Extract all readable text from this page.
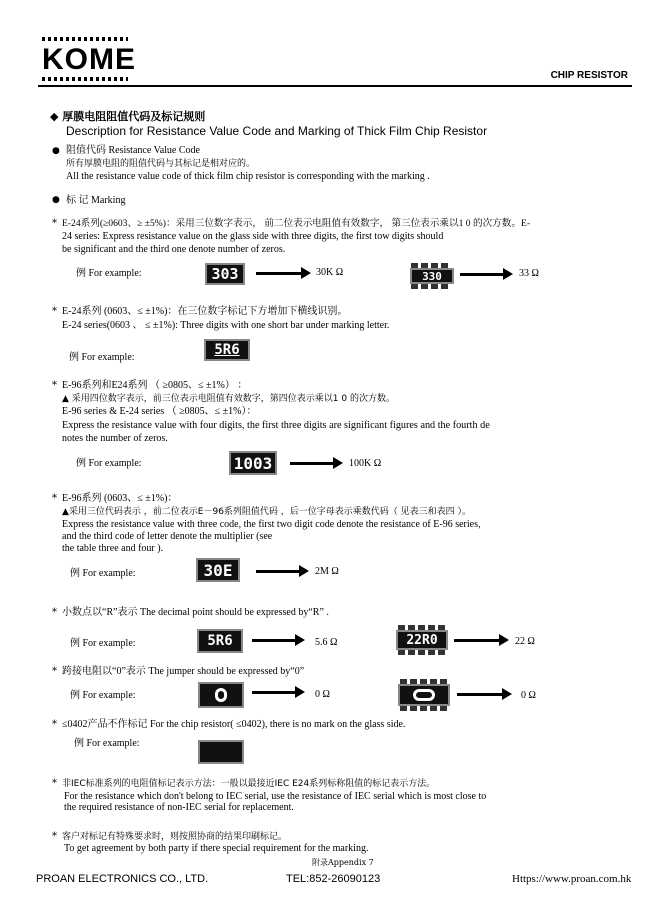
KOME	CHIP RESISTOR
◆ 厚膜电阻阻值代码及标记规则
Description for Resistance Value Code and Marking of Thick Film Chip Resistor
● 阻值代码 Resistance Value Code
所有厚膜电阻的阻值代码与其标记是相对应的。
All the resistance value code of thick film chip resistor is corresponding with the marking .
● 标 记 Marking
* E-24系列(≥0603、≥ ±5%)：采用三位数字表示， 前二位表示电阻值有效数字， 第三位表示乘以1 0 的次方数。E-
24 series: Express resistance value on the glass side with three digits, the first tow digits should
be significant and the third one denote number of zeros.
例 For example:	303	30K Ω	330	33 Ω
* E-24系列 (0603、≤ ±1%)：在三位数字标记下方增加下横线识别。
E-24 series(0603 、 ≤ ±1%): Three digits with one short bar under marking letter.
例 For example:	5R6
* E-96系列和E24系列 （ ≥0805、≤ ±1%） ：
▲ 采用四位数字表示，前三位表示电阻值有效数字，第四位表示乘以1 0 的次方数。
E-96 series & E-24 series （ ≥0805、≤ ±1%）：
Express the resistance value with four digits, the first three digits are significant figures and the fourth de
notes the number of zeros.
例 For example:	1003	100K Ω
* E-96系列 (0603、≤ ±1%)：
▲采用三位代码表示 ，前二位表示E－96系列阻值代码 ，后一位字母表示乘数代码（ 见表三和表四 ）。
Express the resistance value with three code, the first two digit code denote the resistance of E-96 series,
and the third code of letter denote the multiplier (see
the table three and four ).
例 For example:	30E	2M Ω
* 小数点以“R”表示 The decimal point should be expressed by“R” .
例 For example:	5R6	5.6 Ω	22R0	22 Ω
* 跨接电阻以“0”表示 The jumper should be expressed by“0”
例 For example:	0 Ω	0 Ω
* ≤0402产品不作标记 For the chip resistor( ≤0402), there is no mark on the glass side.
例 For example:
* 非IEC标准系列的电阻值标记表示方法：一般以最接近IEC E24系列标称阻值的标记表示方法。
For the resistance which don't belong to IEC serial, use the resistance of IEC serial which is most close to
the required resistance of non-IEC serial for replacement.
* 客户对标记有特殊要求时，则按照协商的结果印刷标记。
To get agreement by both party if there special requirement for the marking.
附录Appendix 7
PROAN ELECTRONICS CO., LTD.	TEL:852-26090123	Https://www.proan.com.hk
